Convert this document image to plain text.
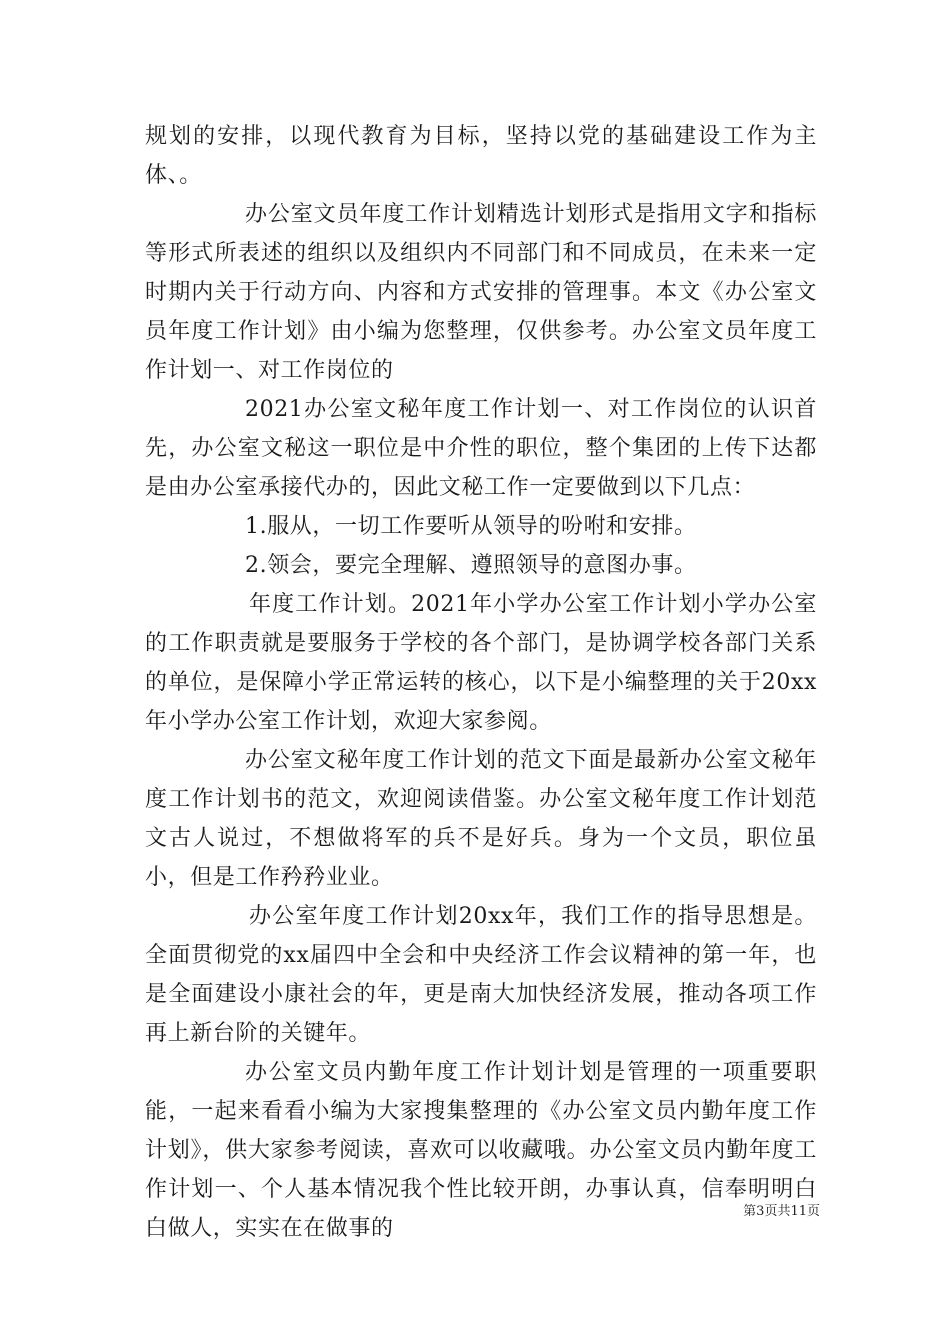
规划的安排，以现代教育为目标，坚持以党的基础建设工作为主体、。

办公室文员年度工作计划精选计划形式是指用文字和指标等形式所表述的组织以及组织内不同部门和不同成员，在未来一定时期内关于行动方向、内容和方式安排的管理事。本文《办公室文员年度工作计划》由小编为您整理，仅供参考。办公室文员年度工作计划一、对工作岗位的

2021办公室文秘年度工作计划一、对工作岗位的认识首先，办公室文秘这一职位是中介性的职位，整个集团的上传下达都是由办公室承接代办的，因此文秘工作一定要做到以下几点：

1.服从，一切工作要听从领导的吩咐和安排。

2.领会，要完全理解、遵照领导的意图办事。

年度工作计划。2021年小学办公室工作计划小学办公室的工作职责就是要服务于学校的各个部门，是协调学校各部门关系的单位，是保障小学正常运转的核心，以下是小编整理的关于20xx年小学办公室工作计划，欢迎大家参阅。

办公室文秘年度工作计划的范文下面是最新办公室文秘年度工作计划书的范文，欢迎阅读借鉴。办公室文秘年度工作计划范文古人说过，不想做将军的兵不是好兵。身为一个文员，职位虽小，但是工作矜矜业业。

办公室年度工作计划20xx年，我们工作的指导思想是。全面贯彻党的xx届四中全会和中央经济工作会议精神的第一年，也是全面建设小康社会的年，更是南大加快经济发展，推动各项工作再上新台阶的关键年。

办公室文员内勤年度工作计划计划是管理的一项重要职能，一起来看看小编为大家搜集整理的《办公室文员内勤年度工作计划》，供大家参考阅读，喜欢可以收藏哦。办公室文员内勤年度工作计划一、个人基本情况我个性比较开朗，办事认真，信奉明明白白做人，实实在在做事的

第3页共11页
